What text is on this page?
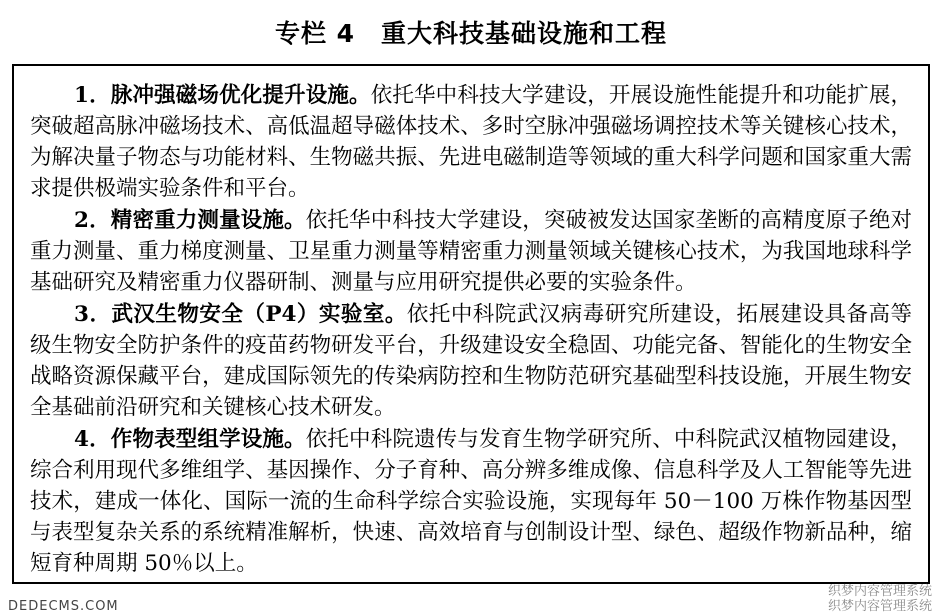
专栏 4　重大科技基础设施和工程

1．脉冲强磁场优化提升设施。依托华中科技大学建设，开展设施性能提升和功能扩展，突破超高脉冲磁场技术、高低温超导磁体技术、多时空脉冲强磁场调控技术等关键核心技术，为解决量子物态与功能材料、生物磁共振、先进电磁制造等领域的重大科学问题和国家重大需求提供极端实验条件和平台。

2．精密重力测量设施。依托华中科技大学建设，突破被发达国家垄断的高精度原子绝对重力测量、重力梯度测量、卫星重力测量等精密重力测量领域关键核心技术，为我国地球科学基础研究及精密重力仪器研制、测量与应用研究提供必要的实验条件。

3．武汉生物安全（P4）实验室。依托中科院武汉病毒研究所建设，拓展建设具备高等级生物安全防护条件的疫苗药物研发平台，升级建设安全稳固、功能完备、智能化的生物安全战略资源保藏平台，建成国际领先的传染病防控和生物防范研究基础型科技设施，开展生物安全基础前沿研究和关键核心技术研发。

4．作物表型组学设施。依托中科院遗传与发育生物学研究所、中科院武汉植物园建设，综合利用现代多维组学、基因操作、分子育种、高分辨多维成像、信息科学及人工智能等先进技术，建成一体化、国际一流的生命科学综合实验设施，实现每年 50－100 万株作物基因型与表型复杂关系的系统精准解析，快速、高效培育与创制设计型、绿色、超级作物新品种，缩短育种周期 50％以上。

DEDECMS.COM
织梦内容管理系统
织梦内容管理系统
